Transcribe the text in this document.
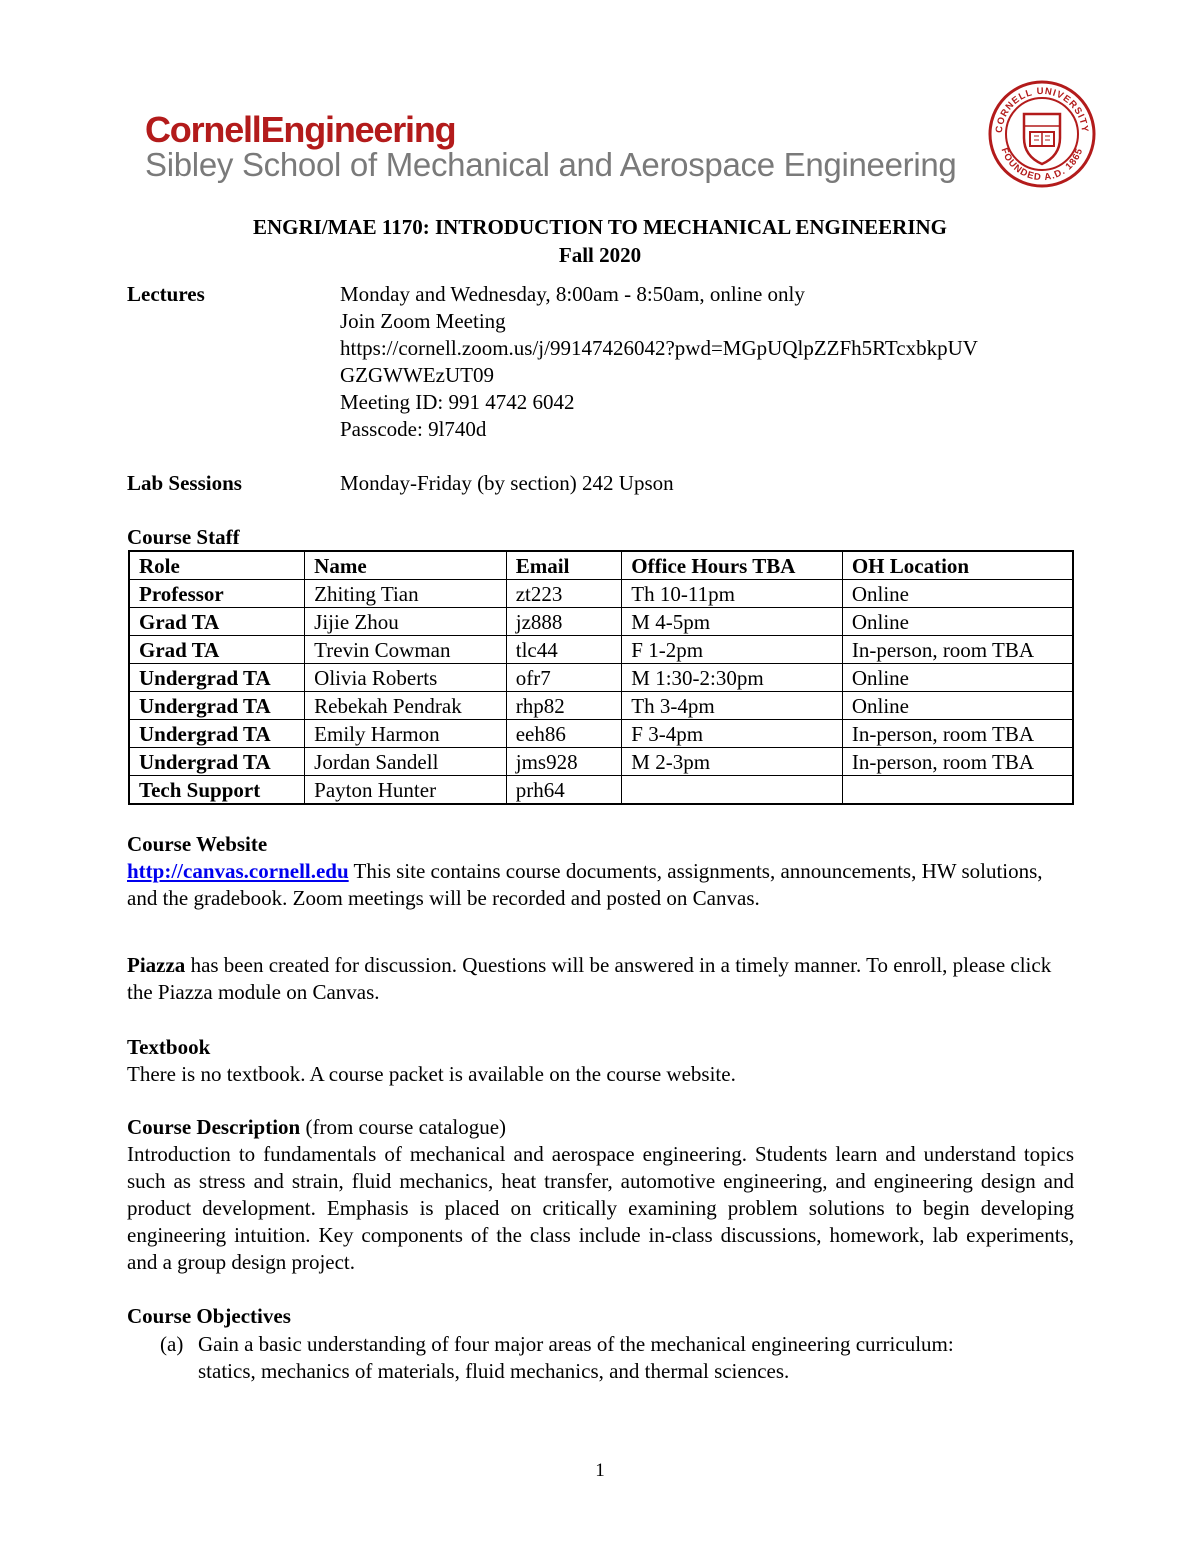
CornellEngineering
Sibley School of Mechanical and Aerospace Engineering
CORNELL UNIVERSITY
FOUNDED A.D. 1865
ENGRI/MAE 1170: INTRODUCTION TO MECHANICAL ENGINEERING
Fall 2020
Lectures	Monday and Wednesday, 8:00am - 8:50am, online only
Join Zoom Meeting
https://cornell.zoom.us/j/99147426042?pwd=MGpUQlpZZFh5RTcxbkpUV
GZGWWEzUT09
Meeting ID: 991 4742 6042
Passcode: 9l740d
Lab Sessions	Monday-Friday (by section) 242 Upson
Course Staff
Role	Name	Email	Office Hours TBA	OH Location
Professor	Zhiting Tian	zt223	Th 10-11pm	Online
Grad TA	Jijie Zhou	jz888	M 4-5pm	Online
Grad TA	Trevin Cowman	tlc44	F 1-2pm	In-person, room TBA
Undergrad TA	Olivia Roberts	ofr7	M 1:30-2:30pm	Online
Undergrad TA	Rebekah Pendrak	rhp82	Th 3-4pm	Online
Undergrad TA	Emily Harmon	eeh86	F 3-4pm	In-person, room TBA
Undergrad TA	Jordan Sandell	jms928	M 2-3pm	In-person, room TBA
Tech Support	Payton Hunter	prh64		
Course Website
http://canvas.cornell.edu This site contains course documents, assignments, announcements, HW solutions, and the gradebook. Zoom meetings will be recorded and posted on Canvas.
Piazza has been created for discussion. Questions will be answered in a timely manner. To enroll, please click the Piazza module on Canvas.
Textbook
There is no textbook. A course packet is available on the course website.
Course Description (from course catalogue)
Introduction to fundamentals of mechanical and aerospace engineering. Students learn and understand topics such as stress and strain, fluid mechanics, heat transfer, automotive engineering, and engineering design and product development. Emphasis is placed on critically examining problem solutions to begin developing engineering intuition. Key components of the class include in-class discussions, homework, lab experiments, and a group design project.
Course Objectives
(a) Gain a basic understanding of four major areas of the mechanical engineering curriculum:
statics, mechanics of materials, fluid mechanics, and thermal sciences.
1
